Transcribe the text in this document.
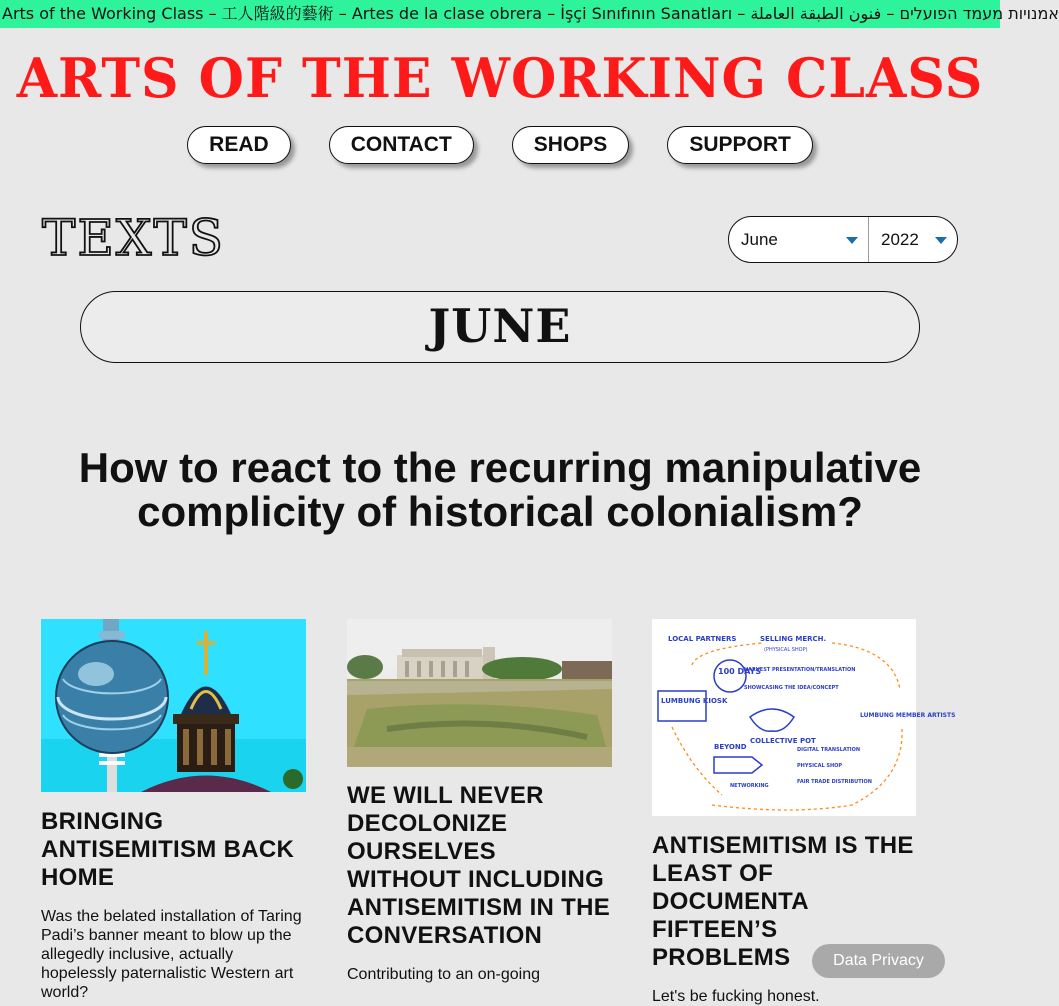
Arts of the Working Class – 工人階級的藝術 – Artes de la clase obrera – İşçi Sınıfının Sanatları – אמנויות מעמד הפועלים – فنون الطبقة العاملة
ARTS OF THE WORKING CLASS
READ	CONTACT	SHOPS	SUPPORT
TEXTS	June	2022
JUNE
How to react to the recurring manipulative complicity of historical colonialism?
BRINGING ANTISEMITISM BACK HOME

Was the belated installation of Taring Padi’s banner meant to blow up the allegedly inclusive, actually hopelessly paternalistic Western art world?

WE WILL NEVER DECOLONIZE OURSELVES WITHOUT INCLUDING ANTISEMITISM IN THE CONVERSATION

Contributing to an on-going

LOCAL PARTNERS	SELLING MERCH.
(PHYSICAL SHOP)
100 DAYS
HARVEST PRESENTATION/TRANSLATION
SHOWCASING THE IDEA/CONCEPT
LUMBUNG KIOSK
COLLECTIVE POT
LUMBUNG MEMBER ARTISTS
BEYOND	DIGITAL TRANSLATION
PHYSICAL SHOP
FAIR TRADE DISTRIBUTION
NETWORKING
ANTISEMITISM IS THE LEAST OF DOCUMENTA FIFTEEN’S PROBLEMS

Let's be fucking honest.

Data Privacy
